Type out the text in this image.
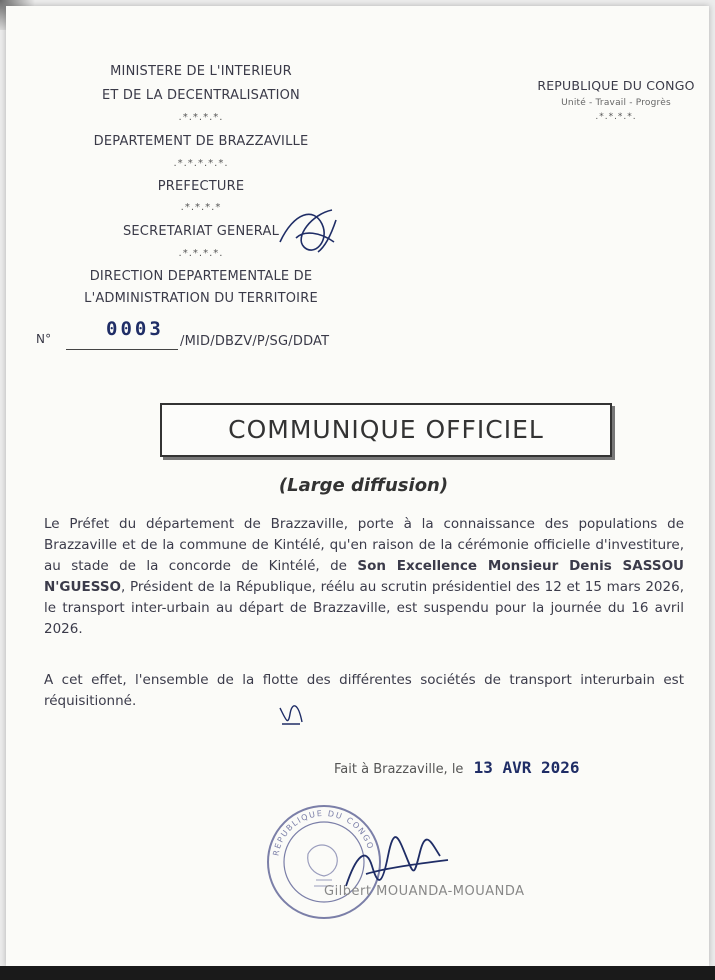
MINISTERE DE L'INTERIEUR
ET DE LA DECENTRALISATION
.*.*.*.*.
DEPARTEMENT DE BRAZZAVILLE
.*.*.*.*.*.
PREFECTURE
.*.*.*.*
SECRETARIAT GENERAL
.*.*.*.*.
DIRECTION DEPARTEMENTALE DE
L'ADMINISTRATION DU TERRITOIRE
N°	0003
/MID/DBZV/P/SG/DDAT
REPUBLIQUE DU CONGO
Unité - Travail - Progrès
.*.*.*.*.
COMMUNIQUE OFFICIEL
(Large diffusion)
Le Préfet du département de Brazzaville, porte à la connaissance des populations de Brazzaville et de la commune de Kintélé, qu'en raison de la cérémonie officielle d'investiture, au stade de la concorde de Kintélé, de Son Excellence Monsieur Denis SASSOU N'GUESSO, Président de la République, réélu au scrutin présidentiel des 12 et 15 mars 2026, le transport inter-urbain au départ de Brazzaville, est suspendu pour la journée du 16 avril 2026.
A cet effet, l'ensemble de la flotte des différentes sociétés de transport interurbain est réquisitionné.
Fait à Brazzaville, le 13 AVR 2026
REPUBLIQUE DU CONGO
Gilbert MOUANDA-MOUANDA
